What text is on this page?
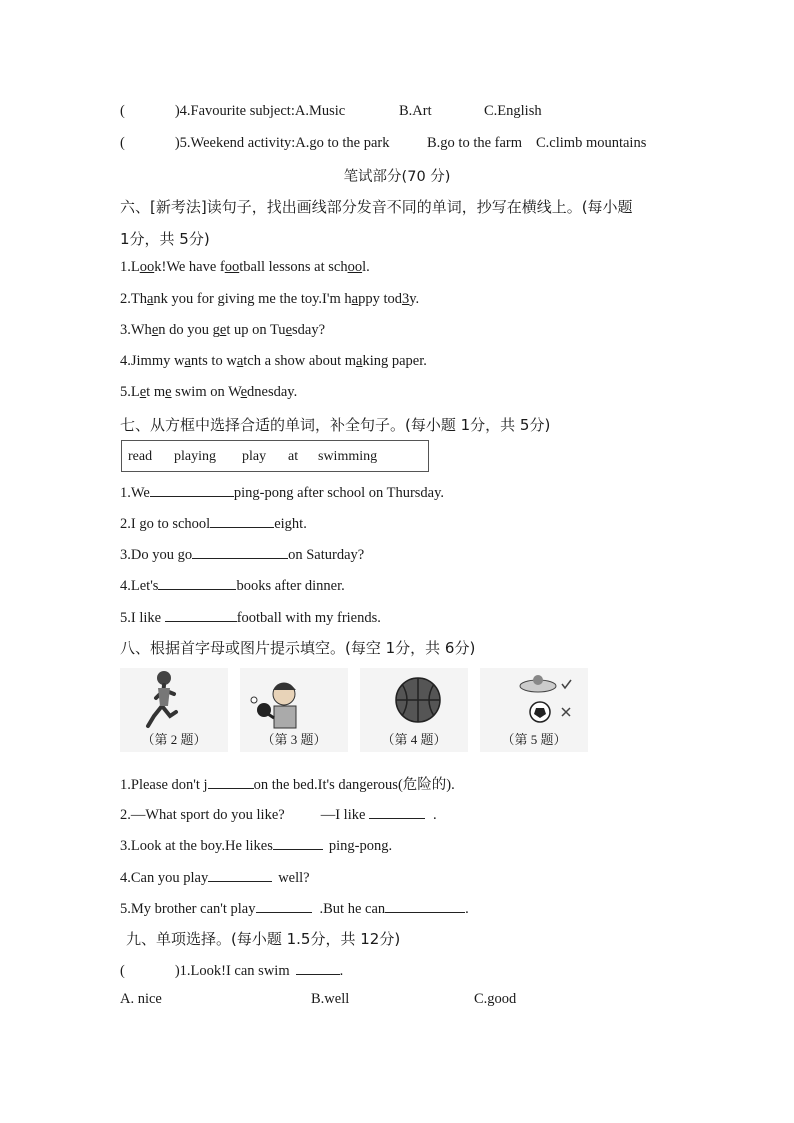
(	)4.Favourite subject:A.Music	B.Art	C.English
(	)5.Weekend activity:A.go to the park	B.go to the farm C.climb mountains
笔试部分(70 分)
六、[新考法]读句子，找出画线部分发音不同的单词，抄写在横线上。(每小题
1分，共 5分)
1.Look!We have football lessons at school.
2.Thank you for giving me the toy.I'm happy tod3y.
3.When do you get up on Tuesday?
4.Jimmy wants to watch a show about making paper.
5.Let me swim on Wednesday.
七、从方框中选择合适的单词，补全句子。(每小题 1分，共 5分)
read playing play at swimming
1.We	ping-pong after school on Thursday.
2.I go to school	eight.
3.Do you go	on Saturday?
4.Let's	books after dinner.
5.I like	football with my friends.
八、根据首字母或图片提示填空。(每空 1分，共 6分)
（第 2 题）	（第 3 题）	（第 4 题）	（第 5 题）
1.Please don't j	on the bed.It's dangerous(危险的).
2.—What sport do you like? —I like	.
3.Look at the boy.He likes	ping-pong.
4.Can you play	well?
5.My brother can't play	.But he can	.
九、单项选择。(每小题 1.5分，共 12分)
(	)1.Look!I can swim	.
A. nice	B.well	C.good
